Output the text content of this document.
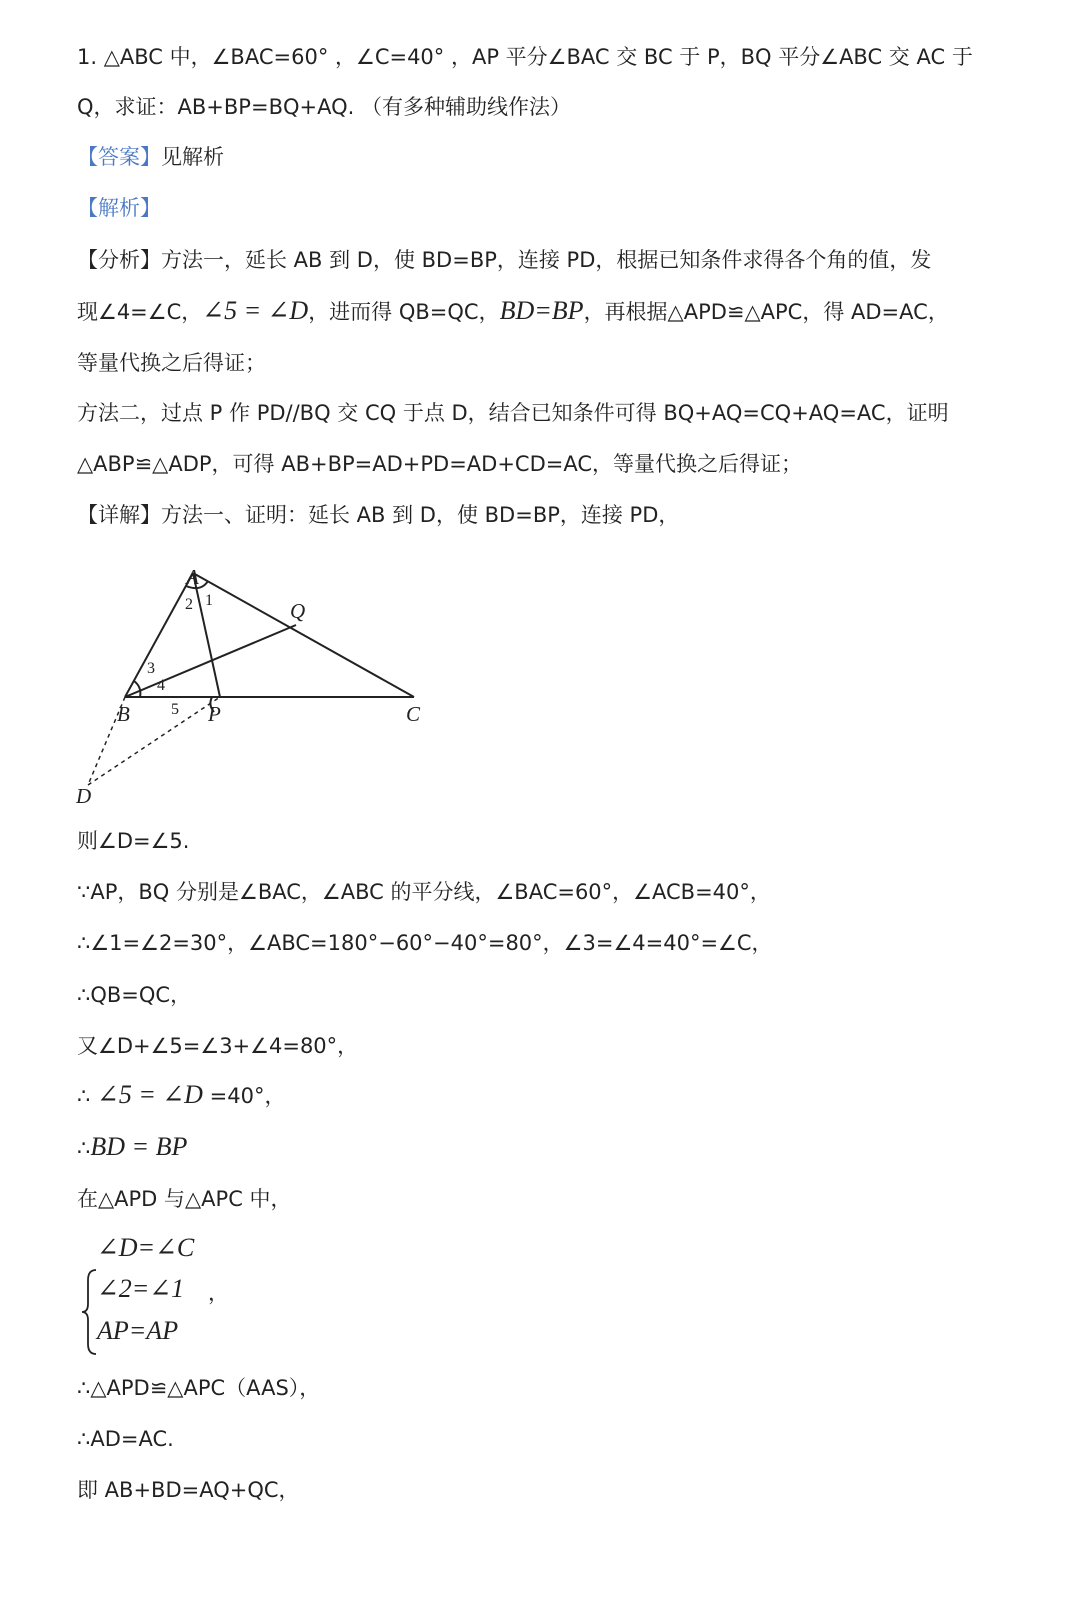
1. △ABC 中，∠BAC=60° ，∠C=40° ，AP 平分∠BAC 交 BC 于 P，BQ 平分∠ABC 交 AC 于
Q，求证：AB+BP=BQ+AQ. （有多种辅助线作法）
【答案】见解析
【解析】
【分析】方法一，延长 AB 到 D，使 BD=BP，连接 PD，根据已知条件求得各个角的值，发
现∠4=∠C，∠5 = ∠D，进而得 QB=QC，BD=BP，再根据△APD≌△APC，得 AD=AC，
等量代换之后得证；
方法二，过点 P 作 PD//BQ 交 CQ 于点 D，结合已知条件可得 BQ+AQ=CQ+AQ=AC，证明
△ABP≌△ADP，可得 AB+BP=AD+PD=AD+CD=AC，等量代换之后得证；
【详解】方法一、证明：延长 AB 到 D，使 BD=BP，连接 PD，
A
B	C
P
Q
D
1
2
3
4
5
则∠D=∠5.
∵AP，BQ 分别是∠BAC，∠ABC 的平分线，∠BAC=60°，∠ACB=40°，
∴∠1=∠2=30°，∠ABC=180°−60°−40°=80°，∠3=∠4=40°=∠C，
∴QB=QC，
又∠D+∠5=∠3+∠4=80°，
∴ ∠5 = ∠D =40°，
∴BD = BP
在△APD 与△APC 中，
∠D=∠C
∠2=∠1
AP=AP
，
∴△APD≌△APC（AAS），
∴AD=AC.
即 AB+BD=AQ+QC，
